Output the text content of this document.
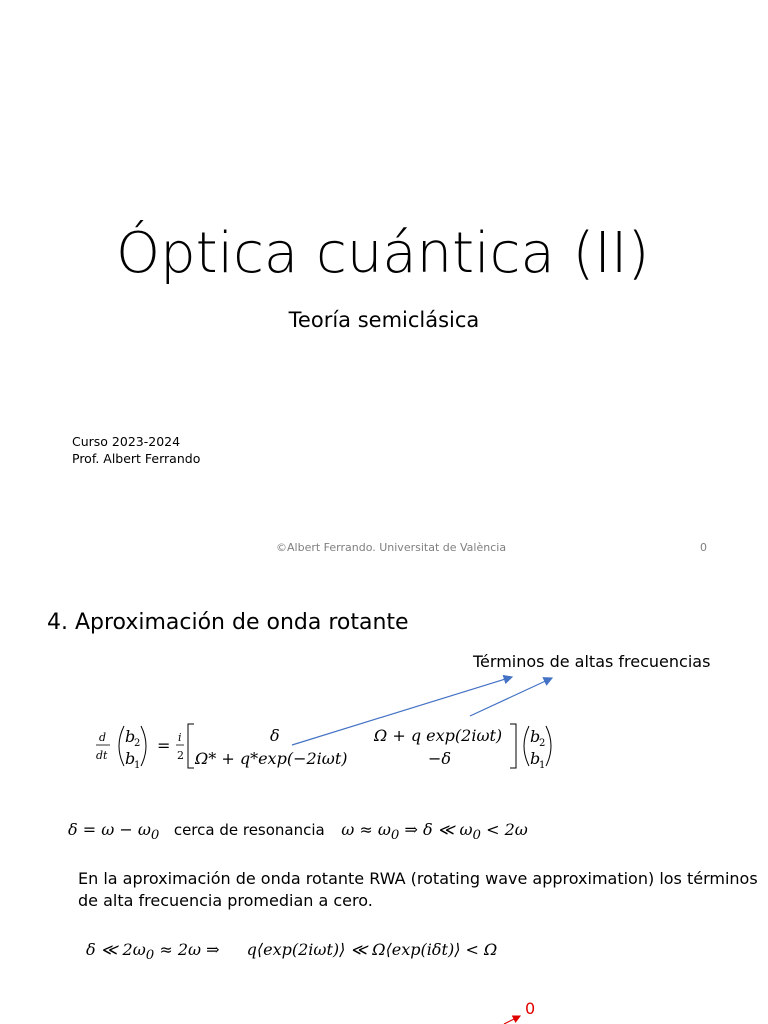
Óptica cuántica (II)
Teoría semiclásica
Curso 2023-2024
Prof. Albert Ferrando
©Albert Ferrando. Universitat de València	0
4. Aproximación de onda rotante
Términos de altas frecuencias
d
dt
b
2
b
1
= i
2
δ	Ω + q exp(2iωt)
Ω* + q*exp(−2iωt)	−δ
b
2
b
1
$\delta = \omega - \omega_0$ cerca de resonancia $\omega \approx \omega_0$ ⇒ δ ≪ $\omega_0 < 2\omega$
En la aproximación de onda rotante RWA (rotating wave approximation) los términos de alta frecuencia promedian a cero.
δ ≪ $2\omega_0 \approx 2\omega$ ⇒ q⟨exp(2iωt)⟩ ≪ Ω⟨exp(iδt)⟩ < Ω
0
